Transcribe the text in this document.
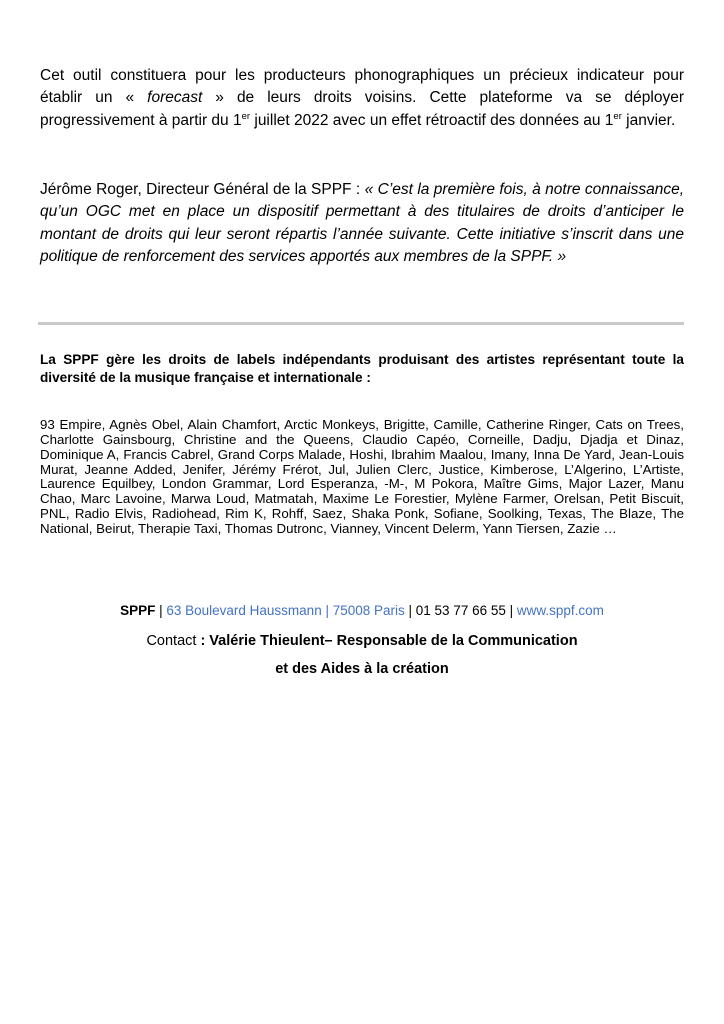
Cet outil constituera pour les producteurs phonographiques un précieux indicateur pour établir un « forecast » de leurs droits voisins. Cette plateforme va se déployer progressivement à partir du 1er juillet 2022 avec un effet rétroactif des données au 1er janvier.

Jérôme Roger, Directeur Général de la SPPF : « C’est la première fois, à notre connaissance, qu’un OGC met en place un dispositif permettant à des titulaires de droits d’anticiper le montant de droits qui leur seront répartis l’année suivante. Cette initiative s’inscrit dans une politique de renforcement des services apportés aux membres de la SPPF. »

La SPPF gère les droits de labels indépendants produisant des artistes représentant toute la diversité de la musique française et internationale :

93 Empire, Agnès Obel, Alain Chamfort, Arctic Monkeys, Brigitte, Camille, Catherine Ringer, Cats on Trees, Charlotte Gainsbourg, Christine and the Queens, Claudio Capéo, Corneille, Dadju, Djadja et Dinaz, Dominique A, Francis Cabrel, Grand Corps Malade, Hoshi, Ibrahim Maalou, Imany, Inna De Yard, Jean-Louis Murat, Jeanne Added, Jenifer, Jérémy Frérot, Jul, Julien Clerc, Justice, Kimberose, L’Algerino, L’Artiste, Laurence Equilbey, London Grammar, Lord Esperanza, -M-, M Pokora, Maître Gims, Major Lazer, Manu Chao, Marc Lavoine, Marwa Loud, Matmatah, Maxime Le Forestier, Mylène Farmer, Orelsan, Petit Biscuit, PNL, Radio Elvis, Radiohead, Rim K, Rohff, Saez, Shaka Ponk, Sofiane, Soolking, Texas, The Blaze, The National, Beirut, Therapie Taxi, Thomas Dutronc, Vianney, Vincent Delerm, Yann Tiersen, Zazie …

SPPF | 63 Boulevard Haussmann | 75008 Paris | 01 53 77 66 55 | www.sppf.com

Contact : Valérie Thieulent– Responsable de la Communication

et des Aides à la création
